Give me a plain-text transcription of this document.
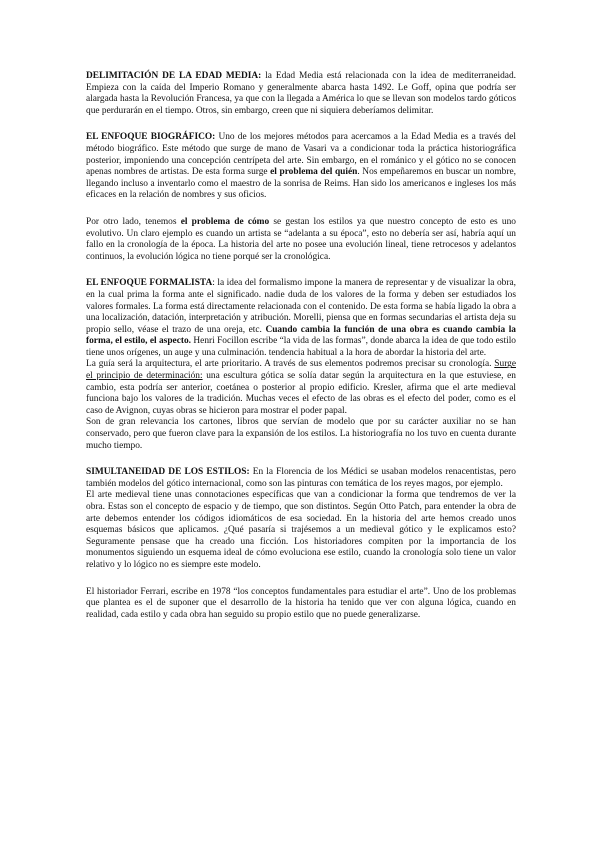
DELIMITACIÓN DE LA EDAD MEDIA: la Edad Media está relacionada con la idea de mediterraneidad. Empieza con la caída del Imperio Romano y generalmente abarca hasta 1492. Le Goff, opina que podría ser alargada hasta la Revolución Francesa, ya que con la llegada a América lo que se llevan son modelos tardo góticos que perdurarán en el tiempo. Otros, sin embargo, creen que ni siquiera deberíamos delimitar.

EL ENFOQUE BIOGRÁFICO: Uno de los mejores métodos para acercamos a la Edad Media es a través del método biográfico. Este método que surge de mano de Vasari va a condicionar toda la práctica historiográfica posterior, imponiendo una concepción centrípeta del arte. Sin embargo, en el románico y el gótico no se conocen apenas nombres de artistas. De esta forma surge el problema del quién. Nos empeñaremos en buscar un nombre, llegando incluso a inventarlo como el maestro de la sonrisa de Reims. Han sido los americanos e ingleses los más eficaces en la relación de nombres y sus oficios.

Por otro lado, tenemos el problema de cómo se gestan los estilos ya que nuestro concepto de esto es uno evolutivo. Un claro ejemplo es cuando un artista se “adelanta a su época”, esto no debería ser así, habría aquí un fallo en la cronología de la época. La historia del arte no posee una evolución lineal, tiene retrocesos y adelantos continuos, la evolución lógica no tiene porqué ser la cronológica.

EL ENFOQUE FORMALISTA: la idea del formalismo impone la manera de representar y de visualizar la obra, en la cual prima la forma ante el significado. nadie duda de los valores de la forma y deben ser estudiados los valores formales. La forma está directamente relacionada con el contenido. De esta forma se había ligado la obra a una localización, datación, interpretación y atribución. Morelli, piensa que en formas secundarias el artista deja su propio sello, véase el trazo de una oreja, etc. Cuando cambia la función de una obra es cuando cambia la forma, el estilo, el aspecto. Henri Focillon escribe “la vida de las formas”, donde abarca la idea de que todo estilo tiene unos orígenes, un auge y una culminación. tendencia habitual a la hora de abordar la historia del arte.

La guía será la arquitectura, el arte prioritario. A través de sus elementos podremos precisar su cronología. Surge el principio de determinación: una escultura gótica se solía datar según la arquitectura en la que estuviese, en cambio, esta podría ser anterior, coetánea o posterior al propio edificio. Kresler, afirma que el arte medieval funciona bajo los valores de la tradición. Muchas veces el efecto de las obras es el efecto del poder, como es el caso de Avignon, cuyas obras se hicieron para mostrar el poder papal.

Son de gran relevancia los cartones, libros que servían de modelo que por su carácter auxiliar no se han conservado, pero que fueron clave para la expansión de los estilos. La historiografía no los tuvo en cuenta durante mucho tiempo.

SIMULTANEIDAD DE LOS ESTILOS: En la Florencia de los Médici se usaban modelos renacentistas, pero también modelos del gótico internacional, como son las pinturas con temática de los reyes magos, por ejemplo.

El arte medieval tiene unas connotaciones específicas que van a condicionar la forma que tendremos de ver la obra. Estas son el concepto de espacio y de tiempo, que son distintos. Según Otto Patch, para entender la obra de arte debemos entender los códigos idiomáticos de esa sociedad. En la historia del arte hemos creado unos esquemas básicos que aplicamos. ¿Qué pasaría si trajésemos a un medieval gótico y le explicamos esto? Seguramente pensase que ha creado una ficción. Los historiadores compiten por la importancia de los monumentos siguiendo un esquema ideal de cómo evoluciona ese estilo, cuando la cronología solo tiene un valor relativo y lo lógico no es siempre este modelo.

El historiador Ferrari, escribe en 1978 “los conceptos fundamentales para estudiar el arte”. Uno de los problemas que plantea es el de suponer que el desarrollo de la historia ha tenido que ver con alguna lógica, cuando en realidad, cada estilo y cada obra han seguido su propio estilo que no puede generalizarse.
